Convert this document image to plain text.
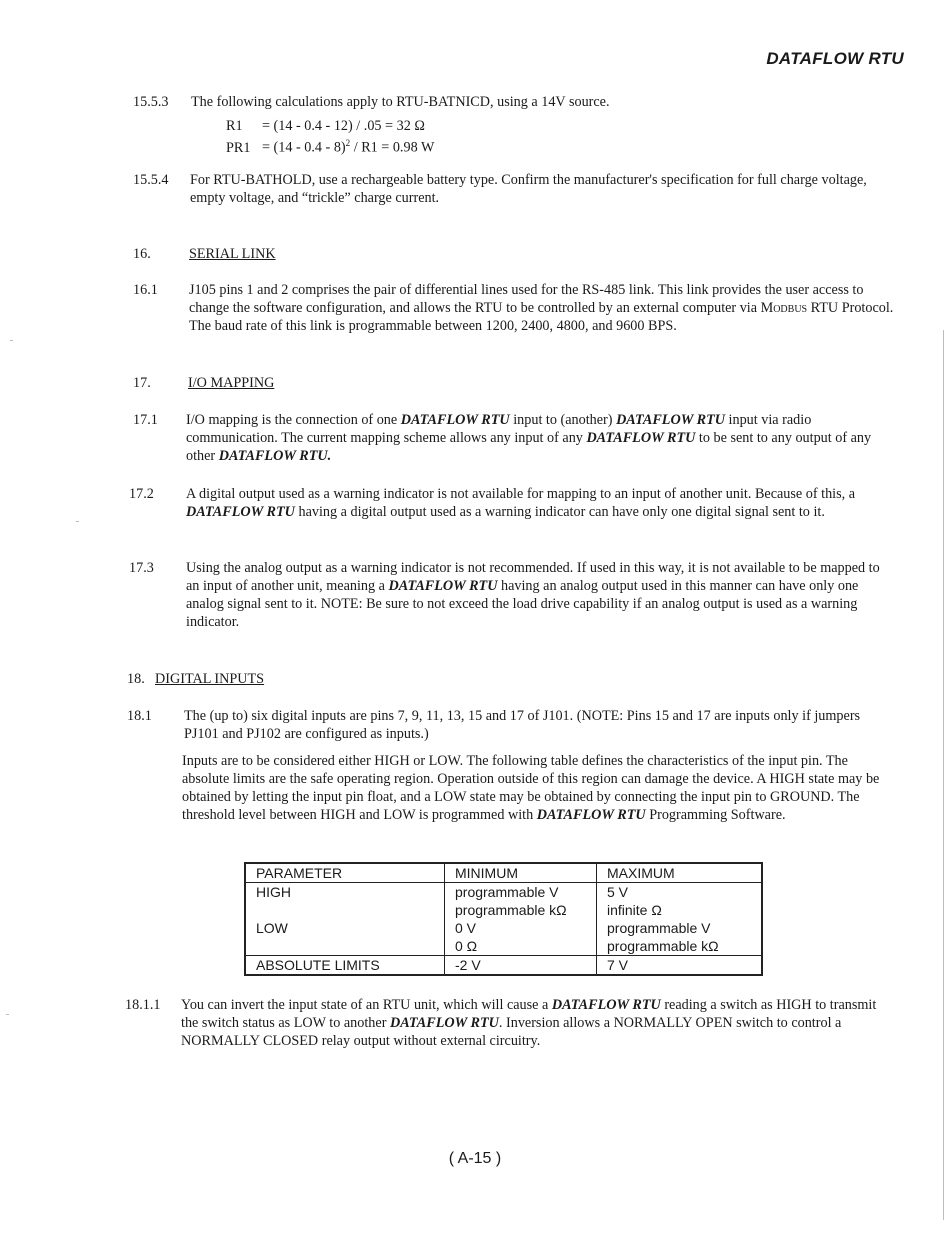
DATAFLOW RTU
15.5.3 The following calculations apply to RTU-BATNICD, using a 14V source.
R1 = (14 - 0.4 - 12) / .05 = 32 Ω
PR1 = (14 - 0.4 - 8)$^2$ / R1 = 0.98 W
15.5.4 For RTU-BATHOLD, use a rechargeable battery type. Confirm the manufacturer's specification for full charge voltage, empty voltage, and “trickle” charge current.
16.	SERIAL LINK
16.1 J105 pins 1 and 2 comprises the pair of differential lines used for the RS-485 link. This link provides the user access to change the software configuration, and allows the RTU to be controlled by an external computer via Modbus RTU Protocol. The baud rate of this link is programmable between 1200, 2400, 4800, and 9600 BPS.
17.	I/O MAPPING
17.1 I/O mapping is the connection of one DATAFLOW RTU input to (another) DATAFLOW RTU input via radio communication. The current mapping scheme allows any input of any DATAFLOW RTU to be sent to any output of any other DATAFLOW RTU.
17.2 A digital output used as a warning indicator is not available for mapping to an input of another unit. Because of this, a DATAFLOW RTU having a digital output used as a warning indicator can have only one digital signal sent to it.
17.3 Using the analog output as a warning indicator is not recommended. If used in this way, it is not available to be mapped to an input of another unit, meaning a DATAFLOW RTU having an analog output used in this manner can have only one analog signal sent to it. NOTE: Be sure to not exceed the load drive capability if an analog output is used as a warning indicator.
18. DIGITAL INPUTS
18.1 The (up to) six digital inputs are pins 7, 9, 11, 13, 15 and 17 of J101. (NOTE: Pins 15 and 17 are inputs only if jumpers PJ101 and PJ102 are configured as inputs.)
Inputs are to be considered either HIGH or LOW. The following table defines the characteristics of the input pin. The absolute limits are the safe operating region. Operation outside of this region can damage the device. A HIGH state may be obtained by letting the input pin float, and a LOW state may be obtained by connecting the input pin to GROUND. The threshold level between HIGH and LOW is programmed with DATAFLOW RTU Programming Software.
PARAMETER	MINIMUM	MAXIMUM
HIGH	programmable V	5 V
	programmable kΩ	infinite Ω
LOW	0 V	programmable V
	0 Ω	programmable kΩ
ABSOLUTE LIMITS	-2 V	7 V
18.1.1 You can invert the input state of an RTU unit, which will cause a DATAFLOW RTU reading a switch as HIGH to transmit the switch status as LOW to another DATAFLOW RTU. Inversion allows a NORMALLY OPEN switch to control a NORMALLY CLOSED relay output without external circuitry.
( A-15 )
